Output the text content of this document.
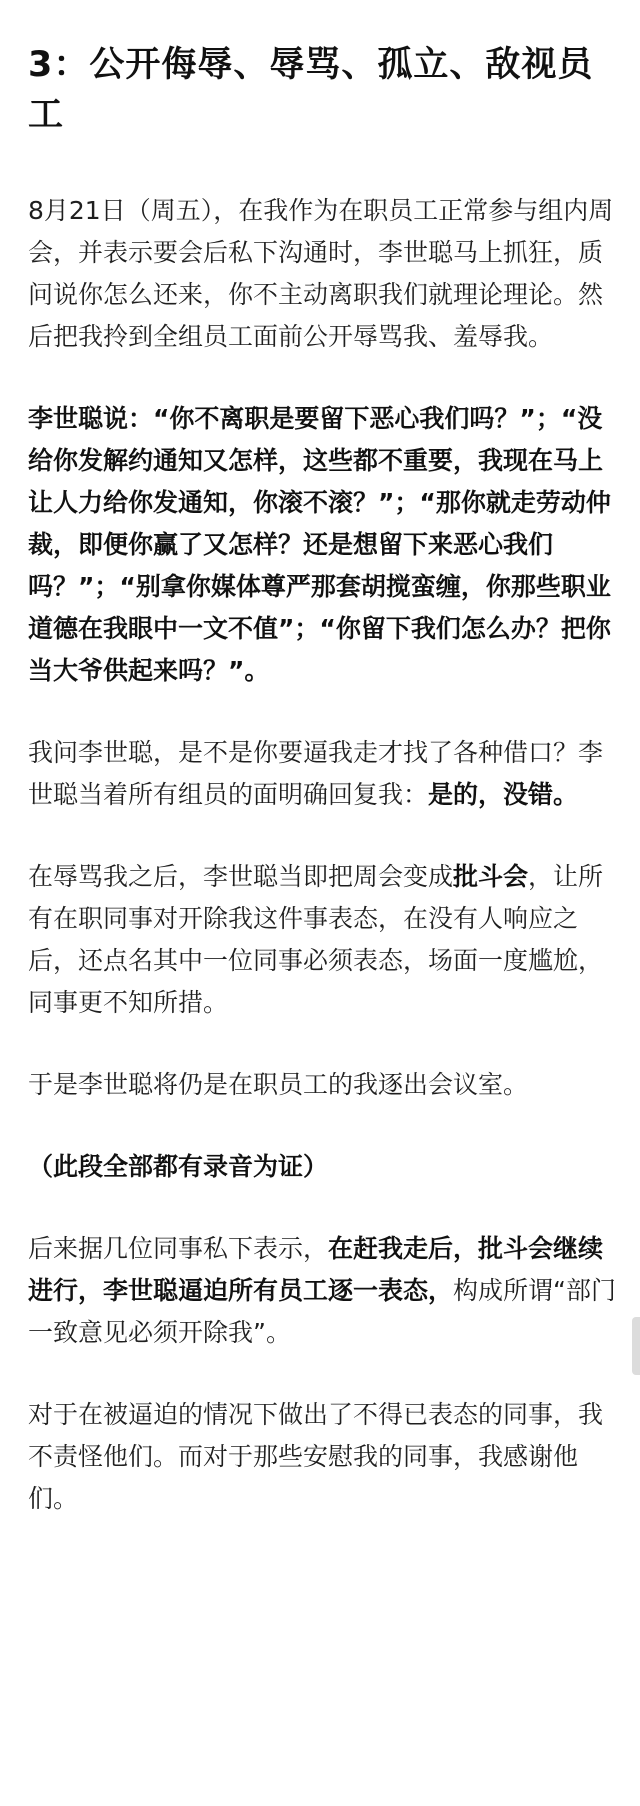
3：公开侮辱、辱骂、孤立、敌视员工

8月21日（周五），在我作为在职员工正常参与组内周会，并表示要会后私下沟通时，李世聪马上抓狂，质问说你怎么还来，你不主动离职我们就理论理论。然后把我拎到全组员工面前公开辱骂我、羞辱我。

李世聪说：“你不离职是要留下恶心我们吗？”；“没给你发解约通知又怎样，这些都不重要，我现在马上让人力给你发通知，你滚不滚？”；“那你就走劳动仲裁，即便你赢了又怎样？还是想留下来恶心我们吗？”；“别拿你媒体尊严那套胡搅蛮缠，你那些职业道德在我眼中一文不值”；“你留下我们怎么办？把你当大爷供起来吗？”。

我问李世聪，是不是你要逼我走才找了各种借口？李世聪当着所有组员的面明确回复我：是的，没错。

在辱骂我之后，李世聪当即把周会变成批斗会，让所有在职同事对开除我这件事表态，在没有人响应之后，还点名其中一位同事必须表态，场面一度尴尬，同事更不知所措。

于是李世聪将仍是在职员工的我逐出会议室。

（此段全部都有录音为证）

后来据几位同事私下表示，在赶我走后，批斗会继续进行，李世聪逼迫所有员工逐一表态，构成所谓“部门一致意见必须开除我”。

对于在被逼迫的情况下做出了不得已表态的同事，我不责怪他们。而对于那些安慰我的同事，我感谢他们。
